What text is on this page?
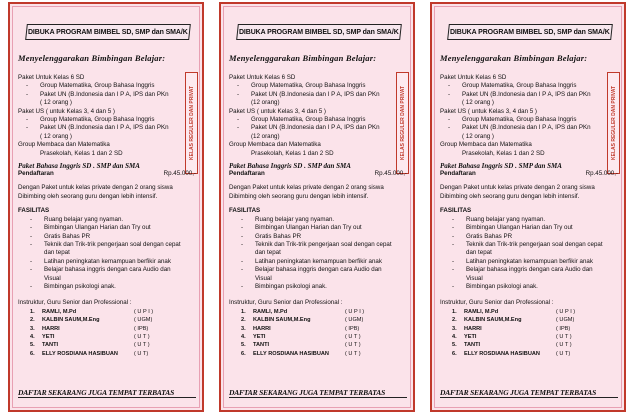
DIBUKA PROGRAM BIMBEL SD, SMP dan SMA/K
Menyelenggarakan Bimbingan Belajar:
KELAS REGULER DAN PRIVAT
Paket Untuk Kelas 6 SD
-	Group Matematika, Group Bahasa Inggris
-	Paket UN (B.Indonesia dan I P A, IPS dan PKn
( 12 orang )
Paket US ( untuk Kelas 3, 4 dan 5 )
-	Group Matematika, Group Bahasa Inggris
-	Paket UN (B.Indonesia dan I P A, IPS dan PKn
( 12 orang )
Group Membaca dan Matematika
Prasekolah, Kelas 1 dan 2 SD
Paket Bahasa Inggris SD . SMP dan SMA
Pendaftaran	Rp.45.000,-
Dengan Paket untuk kelas private dengan 2 orang siswa
Dibimbing oleh seorang guru dengan lebih intensif.
FASILITAS
-	Ruang belajar yang nyaman.
-	Bimbingan Ulangan Harian dan Try out
-	Gratis Bahas PR
-	Teknik dan Trik-trik pengerjaan soal dengan cepat
dan tepat
-	Latihan peningkatan kemampuan berfikir anak
-	Belajar bahasa inggris dengan cara Audio dan
Visual
-	Bimbingan psikologi anak.
Instruktur, Guru Senior dan Professional :
1.	RAMLI, M.Pd	( U P I )
2.	KALBIN SAUM,M.Eng	( UGM)
3.	HARRI	( IPB)
4.	YETI	( U T )
5.	TANTI	( U T )
6.	ELLY ROSDIANA HASIBUAN	( U T)
DAFTAR SEKARANG JUGA TEMPAT TERBATAS
DIBUKA PROGRAM BIMBEL SD, SMP dan SMA/K
Menyelenggarakan Bimbingan Belajar:
KELAS REGULER DAN PRIVAT
Paket Untuk Kelas 6 SD
-	Group Matematika, Group Bahasa Inggris
-	Paket UN (B.Indonesia dan I P A, IPS dan PKn
(12 orang)
Paket US ( untuk Kelas 3, 4 dan 5 )
-	Group Matematika, Group Bahasa Inggris
-	Paket UN (B.Indonesia dan I P A, IPS dan PKn
(12 orang)
Group Membaca dan Matematika
Prasekolah, Kelas 1 dan 2 SD
Paket Bahasa Inggris SD . SMP dan SMA
Pendaftaran	Rp.45.000,-
Dengan Paket untuk kelas private dengan 2 orang siswa
Dibimbing oleh seorang guru dengan lebih intensif.
FASILITAS
-	Ruang belajar yang nyaman.
-	Bimbingan Ulangan Harian dan Try out
-	Gratis Bahas PR
-	Teknik dan Trik-trik pengerjaan soal dengan cepat
dan tepat
-	Latihan peningkatan kemampuan berfikir anak
-	Belajar bahasa inggris dengan cara Audio dan
Visual
-	Bimbingan psikologi anak.
Instruktur, Guru Senior dan Professional :
1.	RAMLI, M.Pd	( U P I )
2.	KALBIN SAUM,M.Eng	( UGM)
3.	HARRI	( IPB)
4.	YETI	( U T )
5.	TANTI	( U T )
6.	ELLY ROSDIANA HASIBUAN	( U T )
DAFTAR SEKARANG JUGA TEMPAT TERBATAS
DIBUKA PROGRAM BIMBEL SD, SMP dan SMA/K
Menyelenggarakan Bimbingan Belajar:
KELAS REGULER DAN PRIVAT
Paket Untuk Kelas 6 SD
-	Group Matematika, Group Bahasa Inggris
-	Paket UN (B.Indonesia dan I P A, IPS dan PKn
( 12 orang )
Paket US ( untuk Kelas 3, 4 dan 5 )
-	Group Matematika, Group Bahasa Inggris
-	Paket UN (B.Indonesia dan I P A, IPS dan PKn
( 12 orang )
Group Membaca dan Matematika
Prasekolah, Kelas 1 dan 2 SD
Paket Bahasa Inggris SD . SMP dan SMA
Pendaftaran	Rp.45.000,-
Dengan Paket untuk kelas private dengan 2 orang siswa
Dibimbing oleh seorang guru dengan lebih intensif.
FASILITAS
-	Ruang belajar yang nyaman.
-	Bimbingan Ulangan Harian dan Try out
-	Gratis Bahas PR
-	Teknik dan Trik-trik pengerjaan soal dengan cepat
dan tepat
-	Latihan peningkatan kemampuan berfikir anak
-	Belajar bahasa inggris dengan cara Audio dan
Visual
-	Bimbingan psikologi anak.
Instruktur, Guru Senior dan Professional :
1.	RAMLI, M.Pd	( U P I )
2.	KALBIN SAUM,M.Eng	( UGM)
3.	HARRI	( IPB)
4.	YETI	( U T )
5.	TANTI	( U T )
6.	ELLY ROSDIANA HASIBUAN	( U T)
DAFTAR SEKARANG JUGA TEMPAT TERBATAS
